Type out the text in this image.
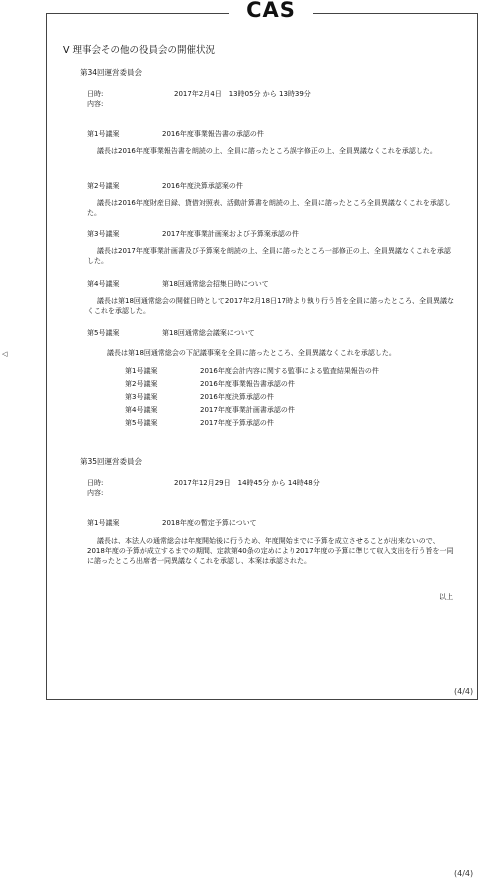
CAS
◁
Ⅴ 理事会その他の役員会の開催状況
第34回運営委員会
日時:	2017年2月4日　13時05分 から 13時39分
内容:
第1号議案	2016年度事業報告書の承認の件
議長は2016年度事業報告書を朗読の上、全員に諮ったところ誤字修正の上、全員異議なくこれを承認した。
第2号議案	2016年度決算承認案の件
議長は2016年度財産目録、貸借対照表、活動計算書を朗読の上、全員に諮ったところ全員異議なくこれを承認した。
第3号議案	2017年度事業計画案および予算案承認の件
議長は2017年度事業計画書及び予算案を朗読の上、全員に諮ったところ一部修正の上、全員異議なくこれを承認した。
第4号議案	第18回通常総会招集日時について
議長は第18回通常総会の開催日時として2017年2月18日17時より執り行う旨を全員に諮ったところ、全員異議なくこれを承認した。
第5号議案	第18回通常総会議案について
議長は第18回通常総会の下記議事案を全員に諮ったところ、全員異議なくこれを承認した。
第1号議案	2016年度会計内容に関する監事による監査結果報告の件
第2号議案	2016年度事業報告書承認の件
第3号議案	2016年度決算承認の件
第4号議案	2017年度事業計画書承認の件
第5号議案	2017年度予算承認の件
第35回運営委員会
日時:	2017年12月29日　14時45分 から 14時48分
内容:
第1号議案	2018年度の暫定予算について
議長は、本法人の通常総会は年度開始後に行うため、年度開始までに予算を成立させることが出来ないので、2018年度の予算が成立するまでの期間、定款第40条の定めにより2017年度の予算に準じて収入支出を行う旨を一同に諮ったところ出席者一同異議なくこれを承認し、本案は承認された。
以上
(4/4)
(4/4)
